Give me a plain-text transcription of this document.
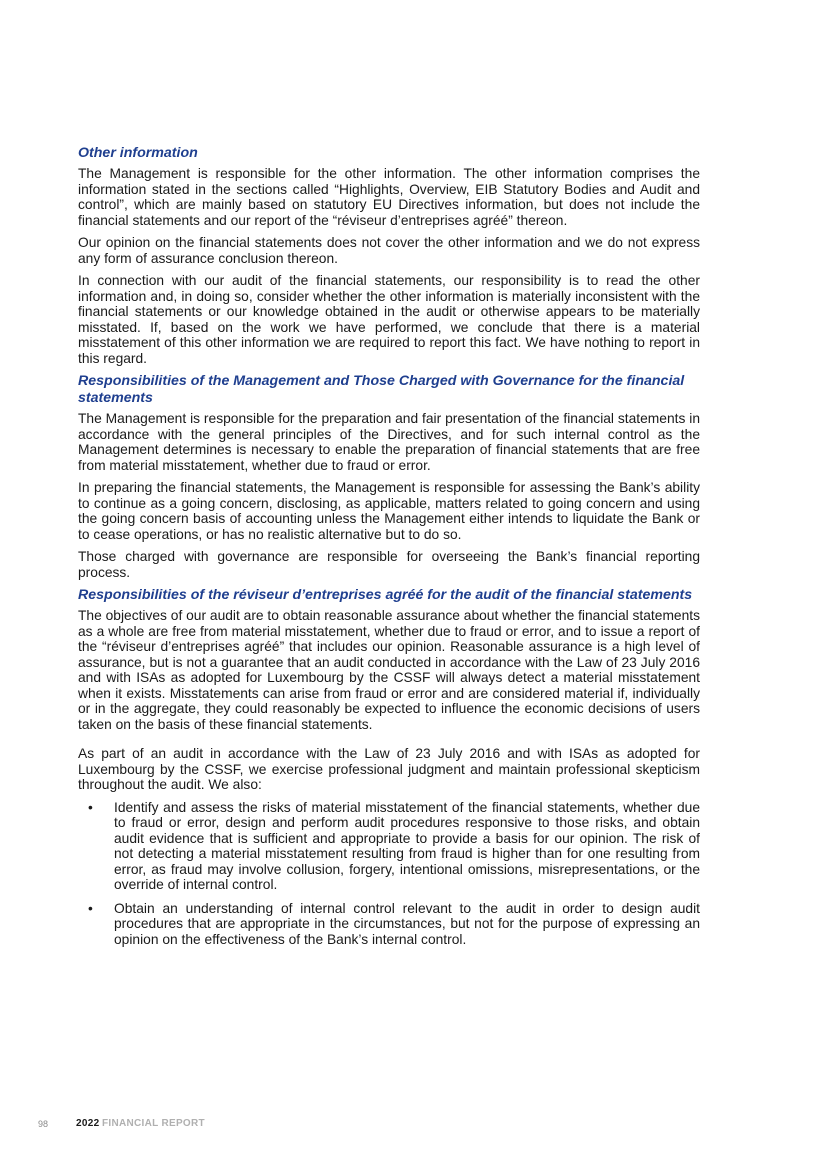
Other information

The Management is responsible for the other information. The other information comprises the information stated in the sections called “Highlights, Overview, EIB Statutory Bodies and Audit and control”, which are mainly based on statutory EU Directives information, but does not include the financial statements and our report of the “réviseur d’entreprises agréé” thereon.

Our opinion on the financial statements does not cover the other information and we do not express any form of assurance conclusion thereon.

In connection with our audit of the financial statements, our responsibility is to read the other information and, in doing so, consider whether the other information is materially inconsistent with the financial statements or our knowledge obtained in the audit or otherwise appears to be materially misstated. If, based on the work we have performed, we conclude that there is a material misstatement of this other information we are required to report this fact. We have nothing to report in this regard.

Responsibilities of the Management and Those Charged with Governance for the financial statements

The Management is responsible for the preparation and fair presentation of the financial statements in accordance with the general principles of the Directives, and for such internal control as the Management determines is necessary to enable the preparation of financial statements that are free from material misstatement, whether due to fraud or error.

In preparing the financial statements, the Management is responsible for assessing the Bank’s ability to continue as a going concern, disclosing, as applicable, matters related to going concern and using the going concern basis of accounting unless the Management either intends to liquidate the Bank or to cease operations, or has no realistic alternative but to do so.

Those charged with governance are responsible for overseeing the Bank’s financial reporting process.

Responsibilities of the réviseur d’entreprises agréé for the audit of the financial statements

The objectives of our audit are to obtain reasonable assurance about whether the financial statements as a whole are free from material misstatement, whether due to fraud or error, and to issue a report of the “réviseur d’entreprises agréé” that includes our opinion. Reasonable assurance is a high level of assurance, but is not a guarantee that an audit conducted in accordance with the Law of 23 July 2016 and with ISAs as adopted for Luxembourg by the CSSF will always detect a material misstatement when it exists. Misstatements can arise from fraud or error and are considered material if, individually or in the aggregate, they could reasonably be expected to influence the economic decisions of users taken on the basis of these financial statements.

As part of an audit in accordance with the Law of 23 July 2016 and with ISAs as adopted for Luxembourg by the CSSF, we exercise professional judgment and maintain professional skepticism throughout the audit. We also:

• Identify and assess the risks of material misstatement of the financial statements, whether due to fraud or error, design and perform audit procedures responsive to those risks, and obtain audit evidence that is sufficient and appropriate to provide a basis for our opinion. The risk of not detecting a material misstatement resulting from fraud is higher than for one resulting from error, as fraud may involve collusion, forgery, intentional omissions, misrepresentations, or the override of internal control.
• Obtain an understanding of internal control relevant to the audit in order to design audit procedures that are appropriate in the circumstances, but not for the purpose of expressing an opinion on the effectiveness of the Bank’s internal control.
98	2022 FINANCIAL REPORT
